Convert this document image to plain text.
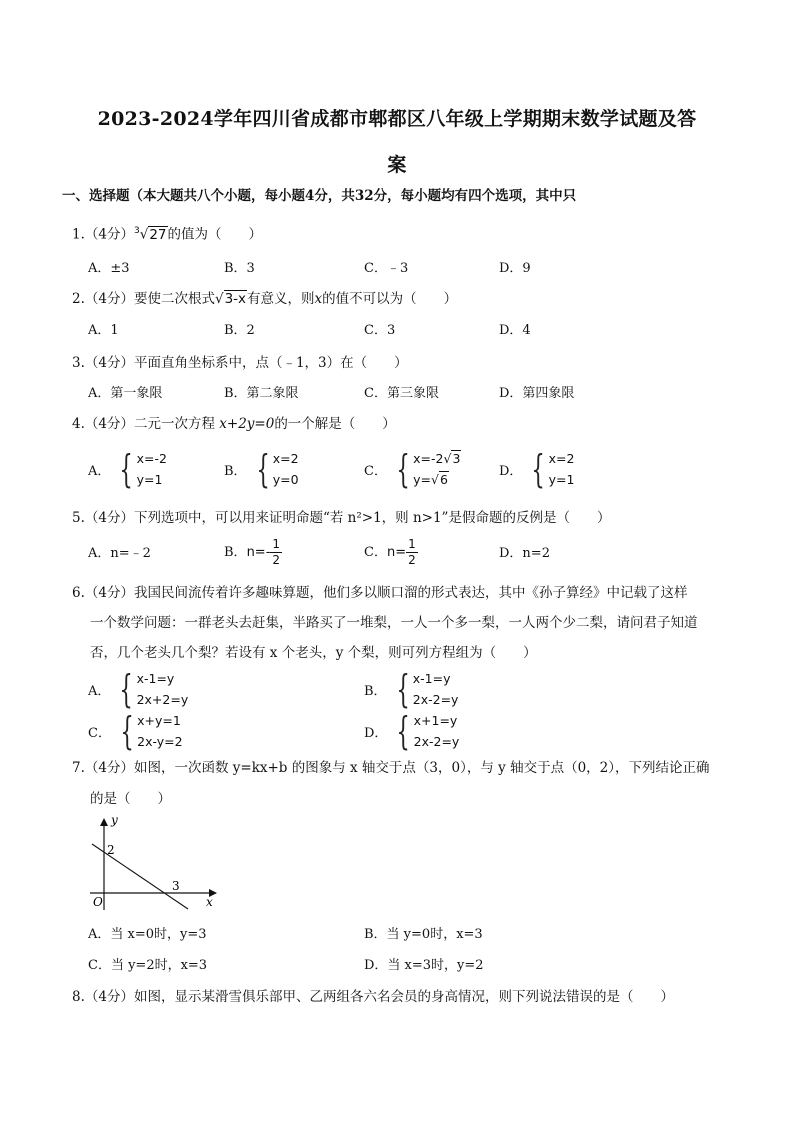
2023-2024学年四川省成都市郫都区八年级上学期期末数学试题及答
案
一、选择题（本大题共八个小题，每小题4分，共32分，每小题均有四个选项，其中只
1.（4分）$^3$√27的值为（　　）
A．±3	B．3	C．﹣3	D．9
2.（4分）要使二次根式√3-x有意义，则x的值不可以为（　　）
A．1	B．2	C．3	D．4
3.（4分）平面直角坐标系中，点（﹣1，3）在（　　）
A．第一象限	B．第二象限	C．第三象限	D．第四象限
4.（4分）二元一次方程 x+2y=0的一个解是（　　）
A． { x=-2
y=1
B． { x=2
y=0
C． { x=-2√3
y=√6
D． { x=2
y=1
5.（4分）下列选项中，可以用来证明命题“若 n²>1，则 n>1”是假命题的反例是（　　）
A．n=﹣2	B．$n=- \frac{1}{2}$	C．$n= \frac{1}{2}$	D．n=2
6.（4分）我国民间流传着许多趣味算题，他们多以顺口溜的形式表达，其中《孙子算经》中记载了这样
一个数学问题：一群老头去赶集，半路买了一堆梨，一人一个多一梨，一人两个少二梨，请问君子知道
否，几个老头几个梨？若设有 x 个老头，y 个梨，则可列方程组为（　　）
A． { x-1=y
2x+2=y
B． { x-1=y
2x-2=y
C． { x+y=1
2x-y=2
D． { x+1=y
2x-2=y
7.（4分）如图，一次函数 y=kx+b 的图象与 x 轴交于点（3，0），与 y 轴交于点（0，2），下列结论正确
的是（　　）
y
x
O
2
3
A．当 x=0时，y=3	B．当 y=0时，x=3
C．当 y=2时，x=3	D．当 x=3时，y=2
8.（4分）如图，显示某滑雪俱乐部甲、乙两组各六名会员的身高情况，则下列说法错误的是（　　）
